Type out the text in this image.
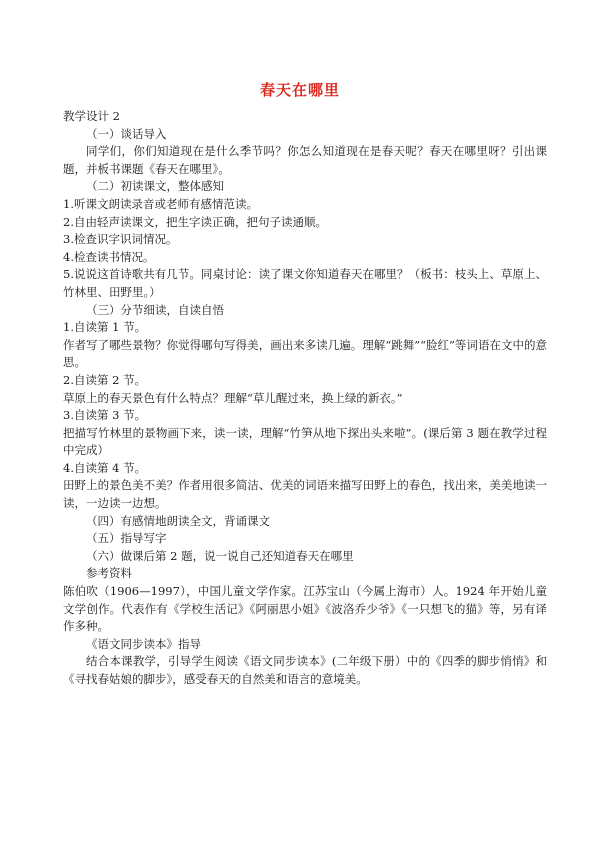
春天在哪里

教学设计 2

（一）谈话导入

同学们，你们知道现在是什么季节吗？你怎么知道现在是春天呢？春天在哪里呀？引出课题，并板书课题《春天在哪里》。

（二）初读课文，整体感知

1.听课文朗读录音或老师有感情范读。

2.自由轻声读课文，把生字读正确，把句子读通顺。

3.检查识字识词情况。

4.检查读书情况。

5.说说这首诗歌共有几节。同桌讨论：读了课文你知道春天在哪里？（板书：枝头上、草原上、竹林里、田野里。）

（三）分节细读，自读自悟

1.自读第 1 节。

作者写了哪些景物？你觉得哪句写得美，画出来多读几遍。理解“跳舞”“脸红”等词语在文中的意思。

2.自读第 2 节。

草原上的春天景色有什么特点？理解“草儿醒过来，换上绿的新衣。”

3.自读第 3 节。

把描写竹林里的景物画下来，读一读，理解“竹笋从地下探出头来啦”。(课后第 3 题在教学过程中完成）

4.自读第 4 节。

田野上的景色美不美？作者用很多简洁、优美的词语来描写田野上的春色，找出来，美美地读一读，一边读一边想。

（四）有感情地朗读全文，背诵课文

（五）指导写字

（六）做课后第 2 题，说一说自己还知道春天在哪里

参考资料

陈伯吹（1906—1997），中国儿童文学作家。江苏宝山（今属上海市）人。1924 年开始儿童文学创作。代表作有《学校生活记》《阿丽思小姐》《波洛乔少爷》《一只想飞的猫》等，另有译作多种。

《语文同步读本》指导

结合本课教学，引导学生阅读《语文同步读本》(二年级下册）中的《四季的脚步悄悄》和《寻找春姑娘的脚步》，感受春天的自然美和语言的意境美。
